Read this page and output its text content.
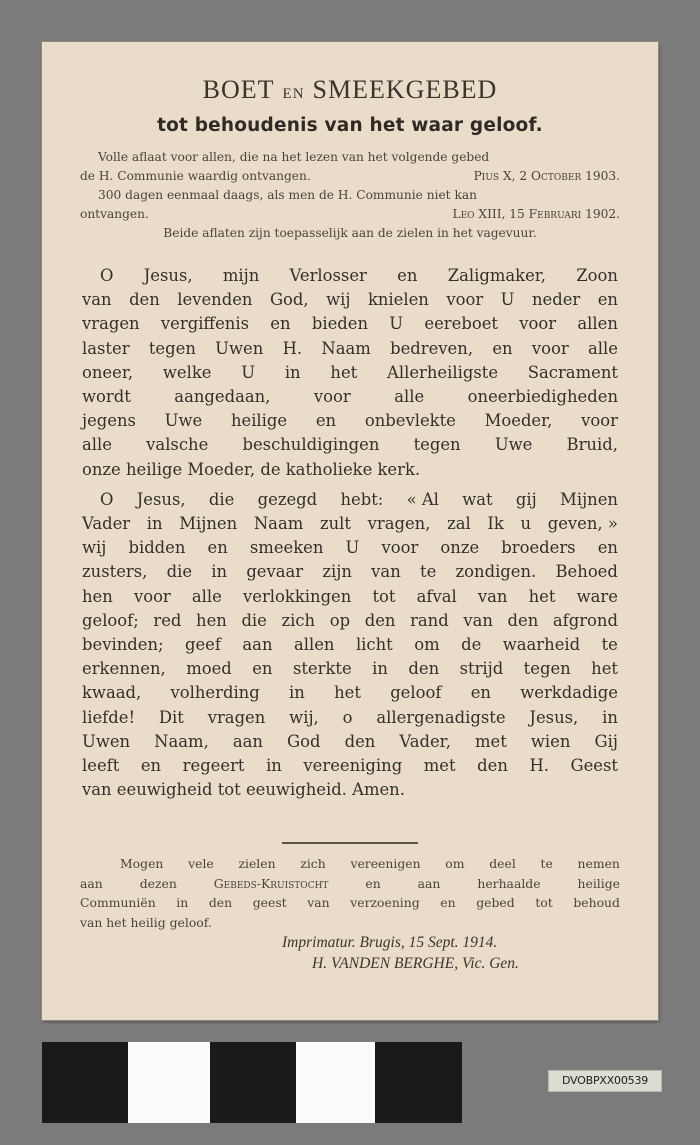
BOET EN SMEEKGEBED
tot behoudenis van het waar geloof.
Volle aflaat voor allen, die na het lezen van het volgende gebed
de H. Communie waardig ontvangen.	Pius X, 2 October 1903.
300 dagen eenmaal daags, als men de H. Communie niet kan
ontvangen.	Leo XIII, 15 Februari 1902.
Beide aflaten zijn toepasselijk aan de zielen in het vagevuur.
O Jesus, mijn Verlosser en Zaligmaker, Zoon
van den levenden God, wij knielen voor U neder en
vragen vergiffenis en bieden U eereboet voor allen
laster tegen Uwen H. Naam bedreven, en voor alle
oneer, welke U in het Allerheiligste Sacrament
wordt	aangedaan,	voor	alle	oneerbiedigheden
jegens Uwe heilige en onbevlekte Moeder, voor
alle valsche beschuldigingen tegen Uwe Bruid,
onze heilige Moeder, de katholieke kerk.
O Jesus, die gezegd hebt: « Al wat gij Mijnen
Vader in Mijnen Naam zult vragen, zal Ik u geven, »
wij bidden en smeeken U voor onze broeders en
zusters, die in gevaar zijn van te zondigen. Behoed
hen voor alle verlokkingen tot afval van het ware
geloof; red hen die zich op den rand van den afgrond
bevinden; geef aan allen licht om de waarheid te
erkennen, moed en sterkte in den strijd tegen het
kwaad, volherding in het geloof en werkdadige
liefde! Dit vragen wij, o allergenadigste Jesus, in
Uwen Naam, aan God den Vader, met wien Gij
leeft en regeert in vereeniging met den H. Geest
van eeuwigheid tot eeuwigheid. Amen.
Mogen vele zielen zich vereenigen om deel te nemen
aan	dezen	Gebeds-Kruistocht	en	aan	herhaalde	heilige
Communiën in den geest van verzoening en gebed tot behoud
van het heilig geloof.
Imprimatur. Brugis, 15 Sept. 1914.
H. VANDEN BERGHE, Vic. Gen.
DVOBPXX00539
